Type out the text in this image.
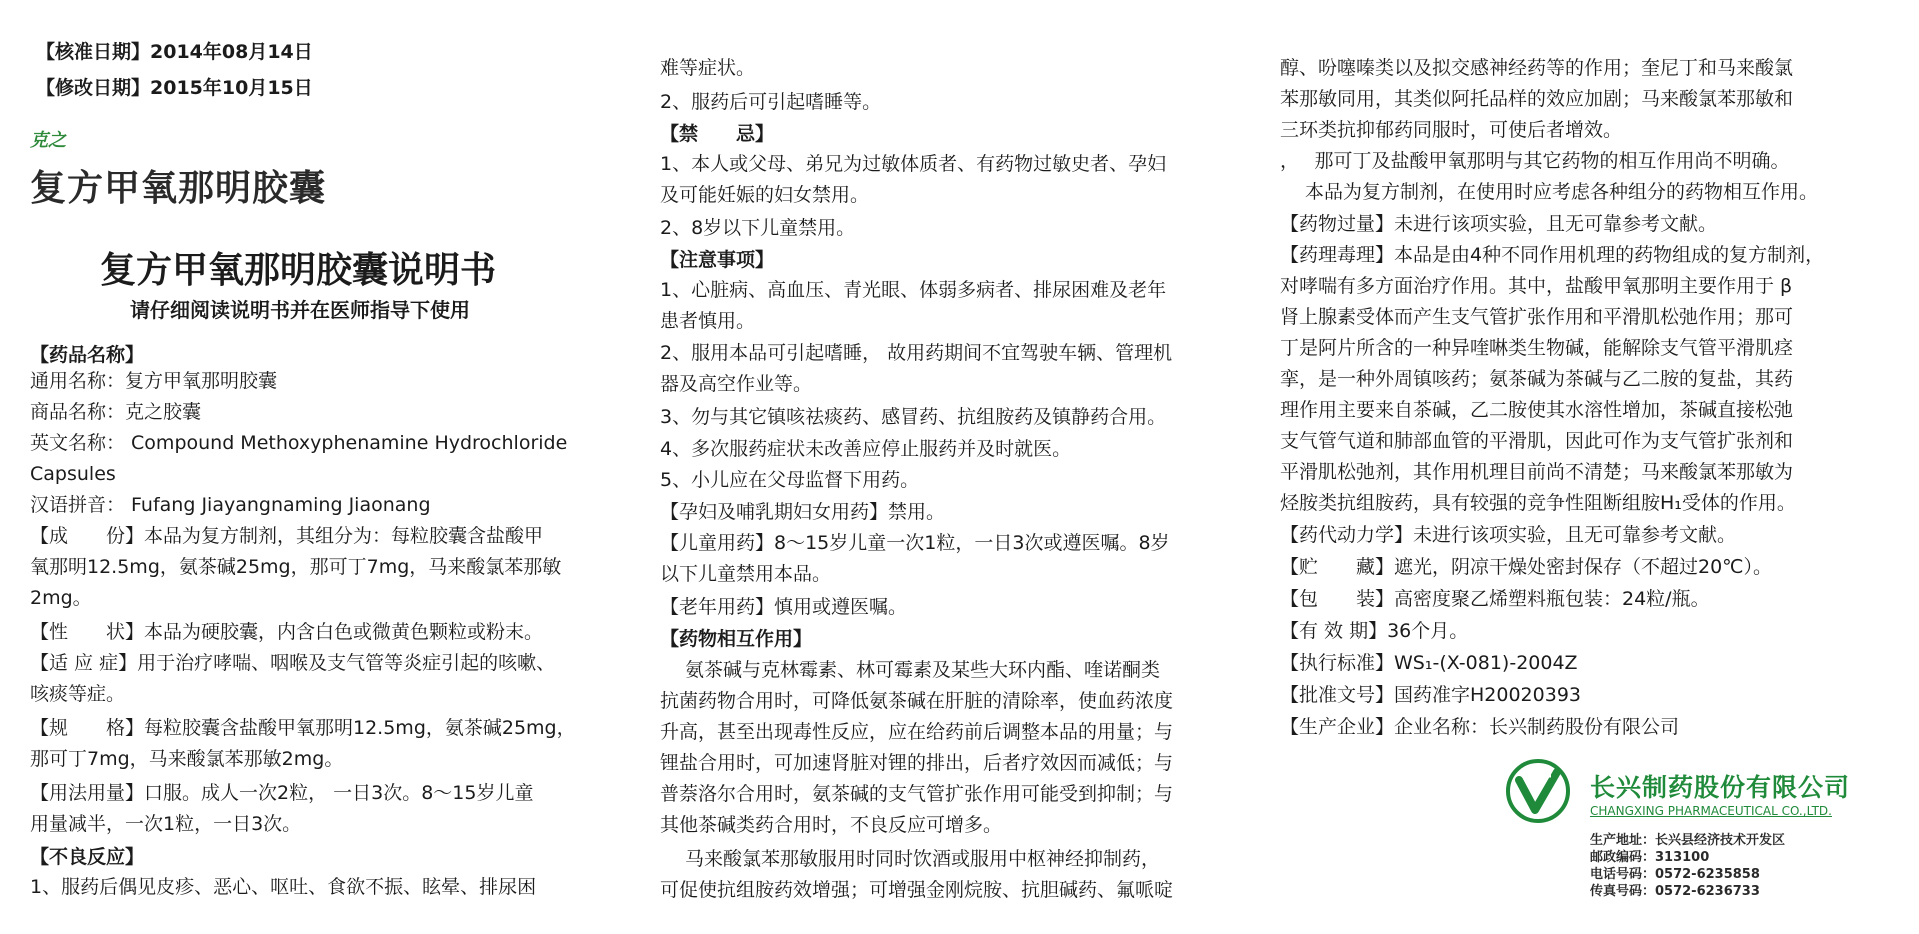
【核准日期】2014年08月14日
【修改日期】2015年10月15日
克之
复方甲氧那明胶囊
复方甲氧那明胶囊说明书
请仔细阅读说明书并在医师指导下使用
【药品名称】
通用名称：复方甲氧那明胶囊
商品名称：克之胶囊
英文名称： Compound Methoxyphenamine Hydrochloride
Capsules
汉语拼音： Fufang Jiayangnaming Jiaonang
【成　　份】本品为复方制剂，其组分为：每粒胶囊含盐酸甲
氧那明12.5mg，氨茶碱25mg，那可丁7mg，马来酸氯苯那敏
2mg。
【性　　状】本品为硬胶囊，内含白色或微黄色颗粒或粉末。
【适 应 症】用于治疗哮喘、咽喉及支气管等炎症引起的咳嗽、
咳痰等症。
【规　　格】每粒胶囊含盐酸甲氧那明12.5mg，氨茶碱25mg，
那可丁7mg，马来酸氯苯那敏2mg。
【用法用量】口服。成人一次2粒， 一日3次。8～15岁儿童
用量减半，一次1粒，一日3次。
【不良反应】
1、服药后偶见皮疹、恶心、呕吐、食欲不振、眩晕、排尿困
难等症状。
2、服药后可引起嗜睡等。
【禁　　忌】
1、本人或父母、弟兄为过敏体质者、有药物过敏史者、孕妇
及可能妊娠的妇女禁用。
2、8岁以下儿童禁用。
【注意事项】
1、心脏病、高血压、青光眼、体弱多病者、排尿困难及老年
患者慎用。
2、服用本品可引起嗜睡， 故用药期间不宜驾驶车辆、管理机
器及高空作业等。
3、勿与其它镇咳祛痰药、感冒药、抗组胺药及镇静药合用。
4、多次服药症状未改善应停止服药并及时就医。
5、小儿应在父母监督下用药。
【孕妇及哺乳期妇女用药】禁用。
【儿童用药】8～15岁儿童一次1粒，一日3次或遵医嘱。8岁
以下儿童禁用本品。
【老年用药】慎用或遵医嘱。
【药物相互作用】
　 氨茶碱与克林霉素、林可霉素及某些大环内酯、喹诺酮类
抗菌药物合用时，可降低氨茶碱在肝脏的清除率，使血药浓度
升高，甚至出现毒性反应，应在给药前后调整本品的用量；与
锂盐合用时，可加速肾脏对锂的排出，后者疗效因而减低；与
普萘洛尔合用时，氨茶碱的支气管扩张作用可能受到抑制；与
其他茶碱类药合用时，不良反应可增多。
　 马来酸氯苯那敏服用时同时饮酒或服用中枢神经抑制药，
可促使抗组胺药效增强；可增强金刚烷胺、抗胆碱药、氟哌啶
醇、吩噻嗪类以及拟交感神经药等的作用；奎尼丁和马来酸氯
苯那敏同用，其类似阿托品样的效应加剧；马来酸氯苯那敏和
三环类抗抑郁药同服时，可使后者增效。
，　 那可丁及盐酸甲氧那明与其它药物的相互作用尚不明确。
　 本品为复方制剂，在使用时应考虑各种组分的药物相互作用。
【药物过量】未进行该项实验，且无可靠参考文献。
【药理毒理】本品是由4种不同作用机理的药物组成的复方制剂，
对哮喘有多方面治疗作用。其中，盐酸甲氧那明主要作用于 β
肾上腺素受体而产生支气管扩张作用和平滑肌松弛作用；那可
丁是阿片所含的一种异喹啉类生物碱，能解除支气管平滑肌痉
挛，是一种外周镇咳药；氨茶碱为茶碱与乙二胺的复盐，其药
理作用主要来自茶碱，乙二胺使其水溶性增加，茶碱直接松弛
支气管气道和肺部血管的平滑肌，因此可作为支气管扩张剂和
平滑肌松弛剂，其作用机理目前尚不清楚；马来酸氯苯那敏为
烃胺类抗组胺药，具有较强的竞争性阻断组胺H₁受体的作用。
【药代动力学】未进行该项实验，且无可靠参考文献。
【贮　　藏】遮光，阴凉干燥处密封保存（不超过20℃）。
【包　　装】高密度聚乙烯塑料瓶包装：24粒/瓶。
【有 效 期】36个月。
【执行标准】WS₁-(X-081)-2004Z
【批准文号】国药准字H20020393
【生产企业】企业名称：长兴制药股份有限公司
长兴制药股份有限公司
CHANGXING PHARMACEUTICAL CO.,LTD.
生产地址：长兴县经济技术开发区
邮政编码：313100
电话号码：0572-6235858
传真号码：0572-6236733
